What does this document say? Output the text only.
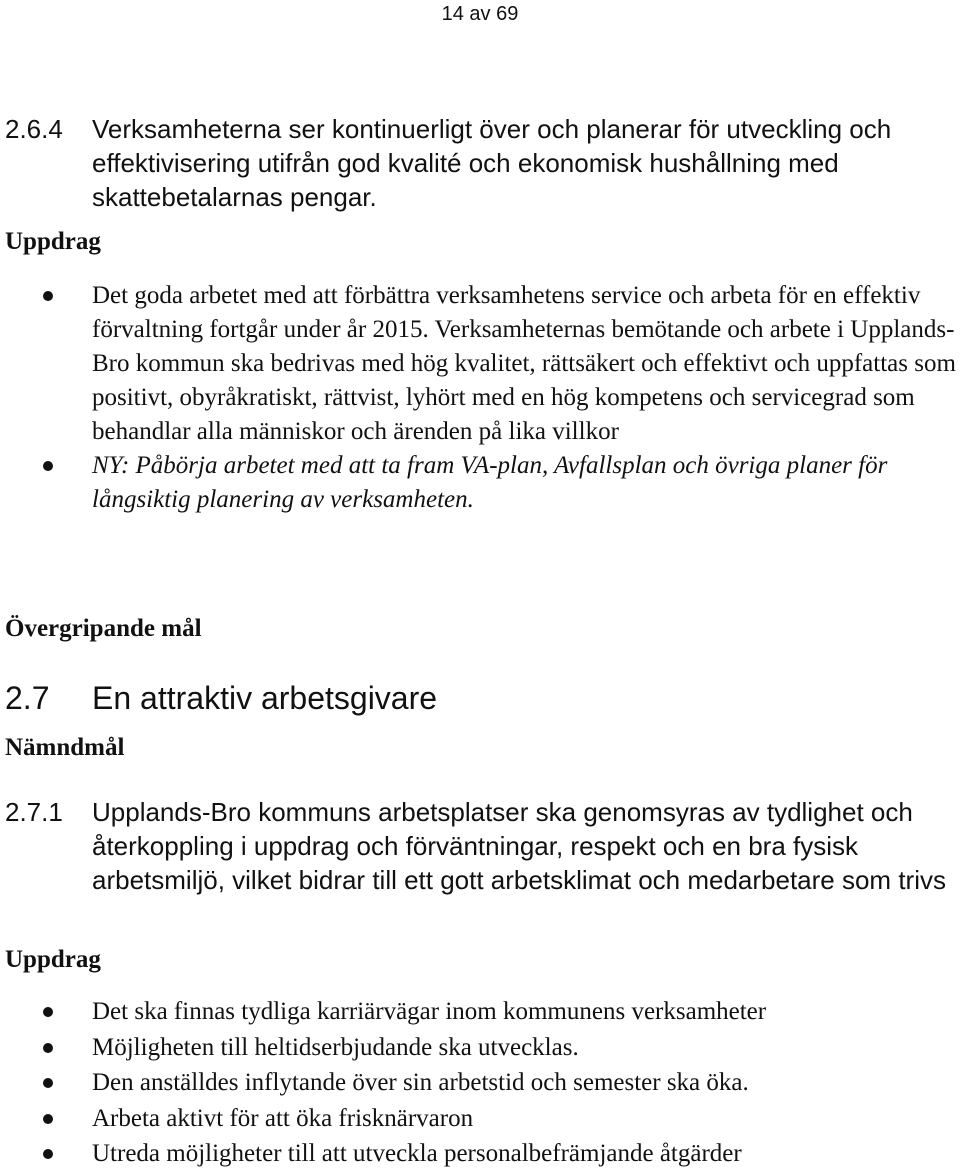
14 av 69
2.6.4 Verksamheterna ser kontinuerligt över och planerar för utveckling och effektivisering utifrån god kvalité och ekonomisk hushållning med skattebetalarnas pengar.
Uppdrag
Det goda arbetet med att förbättra verksamhetens service och arbeta för en effektiv förvaltning fortgår under år 2015. Verksamheternas bemötande och arbete i Upplands-Bro kommun ska bedrivas med hög kvalitet, rättsäkert och effektivt och uppfattas som positivt, obyråkratiskt, rättvist, lyhört med en hög kompetens och servicegrad som behandlar alla människor och ärenden på lika villkor
NY: Påbörja arbetet med att ta fram VA-plan, Avfallsplan och övriga planer för långsiktig planering av verksamheten.
Övergripande mål
2.7 En attraktiv arbetsgivare
Nämndmål
2.7.1 Upplands-Bro kommuns arbetsplatser ska genomsyras av tydlighet och återkoppling i uppdrag och förväntningar, respekt och en bra fysisk arbetsmiljö, vilket bidrar till ett gott arbetsklimat och medarbetare som trivs
Uppdrag
Det ska finnas tydliga karriärvägar inom kommunens verksamheter
Möjligheten till heltidserbjudande ska utvecklas.
Den anställdes inflytande över sin arbetstid och semester ska öka.
Arbeta aktivt för att öka frisknärvaron
Utreda möjligheter till att utveckla personalbefrämjande åtgärder
